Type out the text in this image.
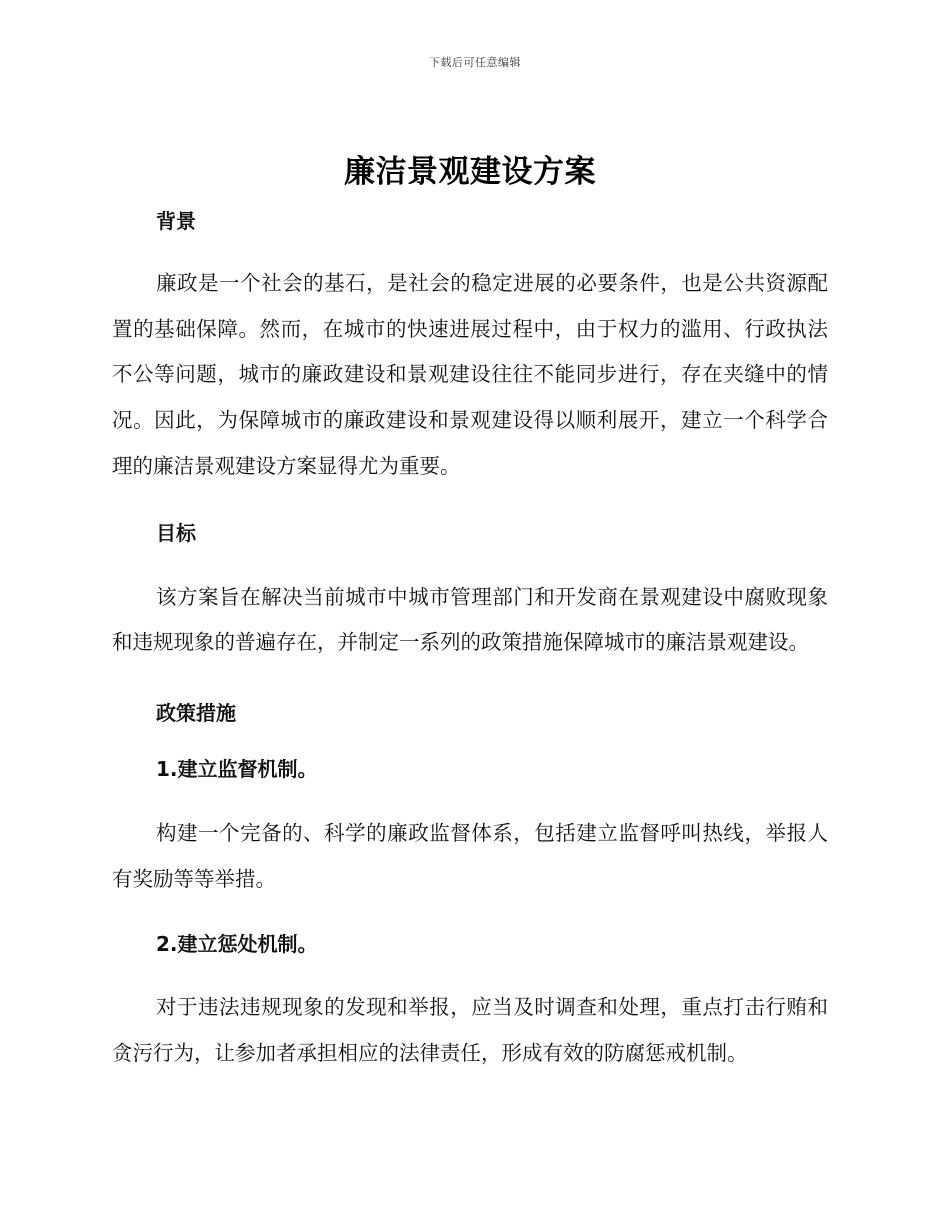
下载后可任意编辑
廉洁景观建设方案
背景

廉政是一个社会的基石，是社会的稳定进展的必要条件，也是公共资源配置的基础保障。然而，在城市的快速进展过程中，由于权力的滥用、行政执法不公等问题，城市的廉政建设和景观建设往往不能同步进行，存在夹缝中的情况。因此，为保障城市的廉政建设和景观建设得以顺利展开，建立一个科学合理的廉洁景观建设方案显得尤为重要。

目标

该方案旨在解决当前城市中城市管理部门和开发商在景观建设中腐败现象和违规现象的普遍存在，并制定一系列的政策措施保障城市的廉洁景观建设。

政策措施
1.建立监督机制。

构建一个完备的、科学的廉政监督体系，包括建立监督呼叫热线，举报人有奖励等等举措。

2.建立惩处机制。

对于违法违规现象的发现和举报，应当及时调查和处理，重点打击行贿和贪污行为，让参加者承担相应的法律责任，形成有效的防腐惩戒机制。
